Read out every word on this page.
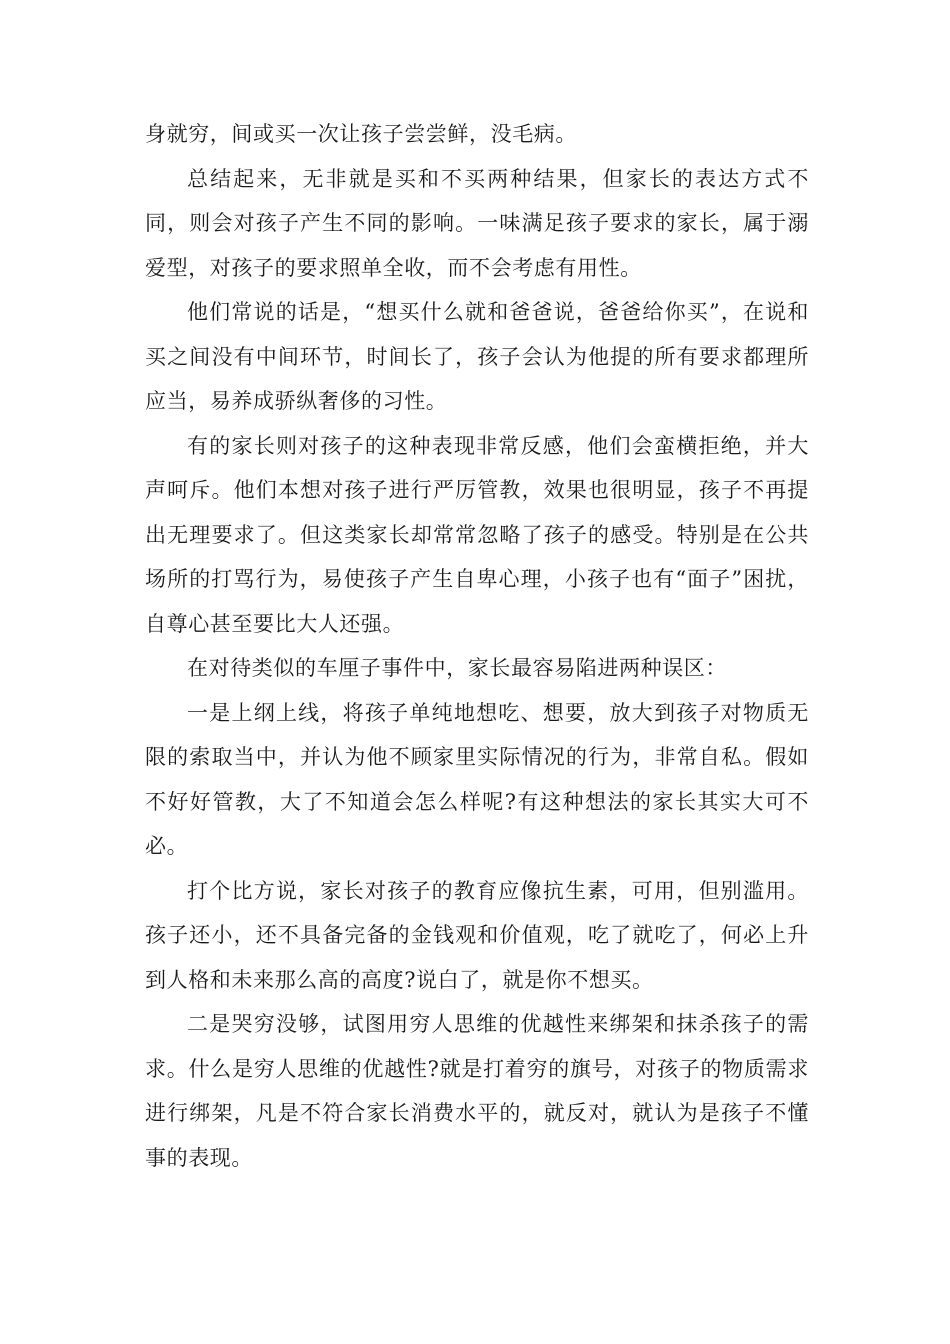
身就穷，间或买一次让孩子尝尝鲜，没毛病。

总结起来，无非就是买和不买两种结果，但家长的表达方式不同，则会对孩子产生不同的影响。一味满足孩子要求的家长，属于溺爱型，对孩子的要求照单全收，而不会考虑有用性。

他们常说的话是，“想买什么就和爸爸说，爸爸给你买”，在说和买之间没有中间环节，时间长了，孩子会认为他提的所有要求都理所应当，易养成骄纵奢侈的习性。

有的家长则对孩子的这种表现非常反感，他们会蛮横拒绝，并大声呵斥。他们本想对孩子进行严厉管教，效果也很明显，孩子不再提出无理要求了。但这类家长却常常忽略了孩子的感受。特别是在公共场所的打骂行为，易使孩子产生自卑心理，小孩子也有“面子”困扰，自尊心甚至要比大人还强。

在对待类似的车厘子事件中，家长最容易陷进两种误区：

一是上纲上线，将孩子单纯地想吃、想要，放大到孩子对物质无限的索取当中，并认为他不顾家里实际情况的行为，非常自私。假如不好好管教，大了不知道会怎么样呢?有这种想法的家长其实大可不必。

打个比方说，家长对孩子的教育应像抗生素，可用，但别滥用。孩子还小，还不具备完备的金钱观和价值观，吃了就吃了，何必上升到人格和未来那么高的高度?说白了，就是你不想买。

二是哭穷没够，试图用穷人思维的优越性来绑架和抹杀孩子的需求。什么是穷人思维的优越性?就是打着穷的旗号，对孩子的物质需求进行绑架，凡是不符合家长消费水平的，就反对，就认为是孩子不懂事的表现。
